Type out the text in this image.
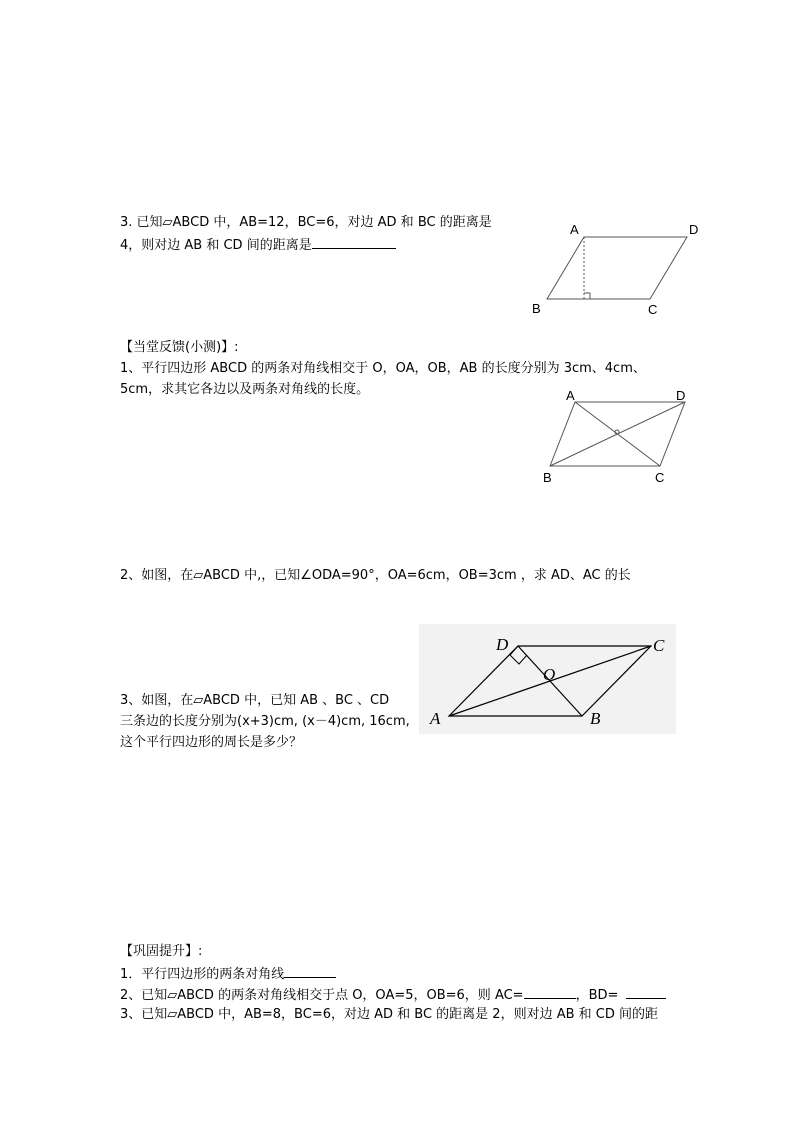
3. 已知▱ABCD 中，AB=12，BC=6，对边 AD 和 BC 的距离是
4，则对边 AB 和 CD 间的距离是
A	D
B	C
【当堂反馈(小测)】:
1、平行四边形 ABCD 的两条对角线相交于 O，OA，OB，AB 的长度分别为 3cm、4cm、
5cm，求其它各边以及两条对角线的长度。	A	D
B	C
2、如图，在▱ABCD 中,，已知∠ODA=90°，OA=6cm，OB=3cm ，求 AD、AC 的长
D	C
O
A	B
3、如图，在▱ABCD 中，已知 AB 、BC 、CD
三条边的长度分别为(x+3)cm, (x－4)cm, 16cm,
这个平行四边形的周长是多少？
【巩固提升】:
1．平行四边形的两条对角线
2、已知▱ABCD 的两条对角线相交于点 O，OA=5，OB=6，则 AC=	，BD=
3、已知▱ABCD 中，AB=8，BC=6，对边 AD 和 BC 的距离是 2，则对边 AB 和 CD 间的距
